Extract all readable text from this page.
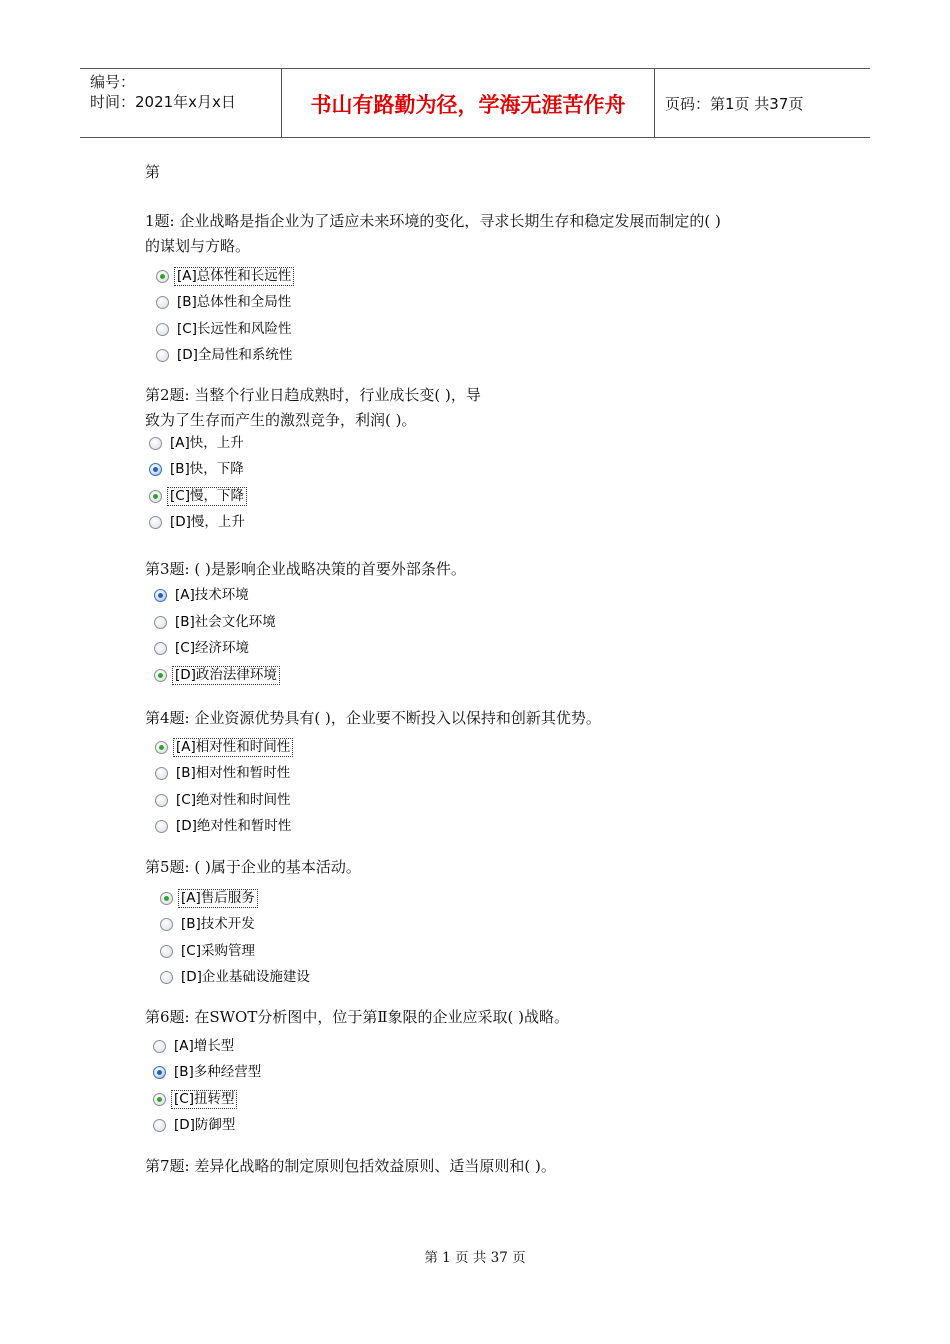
编号：
时间：2021年x月x日	书山有路勤为径，学海无涯苦作舟	页码：第1页 共37页
第
1题: 企业战略是指企业为了适应未来环境的变化，寻求长期生存和稳定发展而制定的( )
的谋划与方略。
[A]总体性和长远性
[B]总体性和全局性
[C]长远性和风险性
[D]全局性和系统性
第2题: 当整个行业日趋成熟时，行业成长变( )，导
致为了生存而产生的激烈竞争，利润( )。
[A]快，上升
[B]快，下降
[C]慢，下降
[D]慢，上升
第3题: ( )是影响企业战略决策的首要外部条件。
[A]技术环境
[B]社会文化环境
[C]经济环境
[D]政治法律环境
第4题: 企业资源优势具有( )，企业要不断投入以保持和创新其优势。
[A]相对性和时间性
[B]相对性和暂时性
[C]绝对性和时间性
[D]绝对性和暂时性
第5题: ( )属于企业的基本活动。
[A]售后服务
[B]技术开发
[C]采购管理
[D]企业基础设施建设
第6题: 在SWOT分析图中，位于第Ⅱ象限的企业应采取( )战略。
[A]增长型
[B]多种经营型
[C]扭转型
[D]防御型
第7题: 差异化战略的制定原则包括效益原则、适当原则和( )。
第 1 页 共 37 页
